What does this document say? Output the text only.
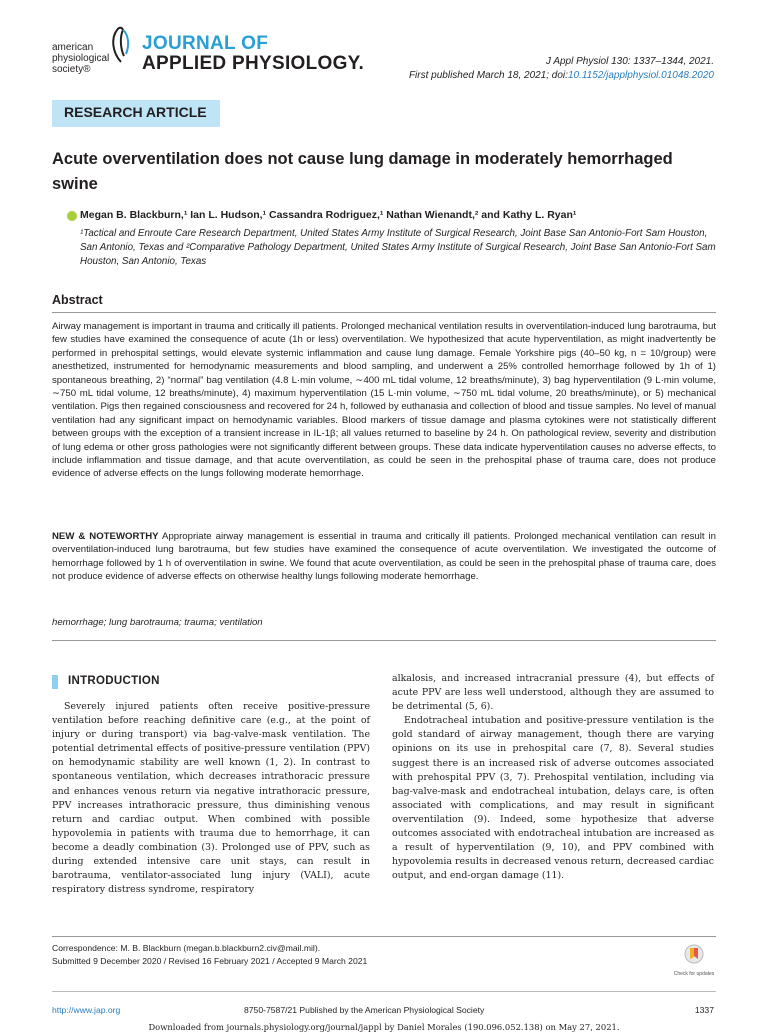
american
physiological
society®
JOURNAL OF
APPLIED PHYSIOLOGY.	J Appl Physiol 130: 1337–1344, 2021.
First published March 18, 2021; doi:10.1152/japplphysiol.01048.2020
RESEARCH ARTICLE
Acute overventilation does not cause lung damage in moderately hemorrhaged swine
Megan B. Blackburn,¹ Ian L. Hudson,¹ Cassandra Rodriguez,¹ Nathan Wienandt,² and Kathy L. Ryan¹
¹Tactical and Enroute Care Research Department, United States Army Institute of Surgical Research, Joint Base San Antonio-Fort Sam Houston, San Antonio, Texas and ²Comparative Pathology Department, United States Army Institute of Surgical Research, Joint Base San Antonio-Fort Sam Houston, San Antonio, Texas
Abstract
Airway management is important in trauma and critically ill patients. Prolonged mechanical ventilation results in overventilation-induced lung barotrauma, but few studies have examined the consequence of acute (1h or less) overventilation. We hypothesized that acute hyperventilation, as might inadvertently be performed in prehospital settings, would elevate systemic inflammation and cause lung damage. Female Yorkshire pigs (40–50 kg, n = 10/group) were anesthetized, instrumented for hemodynamic measurements and blood sampling, and underwent a 25% controlled hemorrhage followed by 1h of 1) spontaneous breathing, 2) “normal” bag ventilation (4.8 L·min volume, ∼400 mL tidal volume, 12 breaths/minute), 3) bag hyperventilation (9 L·min volume, ∼750 mL tidal volume, 12 breaths/minute), 4) maximum hyperventilation (15 L·min volume, ∼750 mL tidal volume, 20 breaths/minute), or 5) mechanical ventilation. Pigs then regained consciousness and recovered for 24 h, followed by euthanasia and collection of blood and tissue samples. No level of manual ventilation had any significant impact on hemodynamic variables. Blood markers of tissue damage and plasma cytokines were not statistically different between groups with the exception of a transient increase in IL-1β; all values returned to baseline by 24 h. On pathological review, severity and distribution of lung edema or other gross pathologies were not significantly different between groups. These data indicate hyperventilation causes no adverse effects, to include inflammation and tissue damage, and that acute overventilation, as could be seen in the prehospital phase of trauma care, does not produce evidence of adverse effects on the lungs following moderate hemorrhage.
NEW & NOTEWORTHY Appropriate airway management is essential in trauma and critically ill patients. Prolonged mechanical ventilation can result in overventilation-induced lung barotrauma, but few studies have examined the consequence of acute overventilation. We investigated the outcome of hemorrhage followed by 1 h of overventilation in swine. We found that acute overventilation, as could be seen in the prehospital phase of trauma care, does not produce evidence of adverse effects on otherwise healthy lungs following moderate hemorrhage.
hemorrhage; lung barotrauma; trauma; ventilation
INTRODUCTION

Severely injured patients often receive positive-pressure ventilation before reaching definitive care (e.g., at the point of injury or during transport) via bag-valve-mask ventilation. The potential detrimental effects of positive-pressure ventilation (PPV) on hemodynamic stability are well known (1, 2). In contrast to spontaneous ventilation, which decreases intrathoracic pressure and enhances venous return via negative intrathoracic pressure, PPV increases intrathoracic pressure, thus diminishing venous return and cardiac output. When combined with possible hypovolemia in patients with trauma due to hemorrhage, it can become a deadly combination (3). Prolonged use of PPV, such as during extended intensive care unit stays, can result in barotrauma, ventilator-associated lung injury (VALI), acute respiratory distress syndrome, respiratory

alkalosis, and increased intracranial pressure (4), but effects of acute PPV are less well understood, although they are assumed to be detrimental (5, 6).

Endotracheal intubation and positive-pressure ventilation is the gold standard of airway management, though there are varying opinions on its use in prehospital care (7, 8). Several studies suggest there is an increased risk of adverse outcomes associated with prehospital PPV (3, 7). Prehospital ventilation, including via bag-valve-mask and endotracheal intubation, delays care, is often associated with complications, and may result in significant overventilation (9). Indeed, some hypothesize that adverse outcomes associated with endotracheal intubation are increased as a result of hyperventilation (9, 10), and PPV combined with hypovolemia results in decreased venous return, decreased cardiac output, and end-organ damage (11).

Correspondence: M. B. Blackburn (megan.b.blackburn2.civ@mail.mil).
Submitted 9 December 2020 / Revised 16 February 2021 / Accepted 9 March 2021
Check for updates
http://www.jap.org	8750-7587/21 Published by the American Physiological Society	1337
Downloaded from journals.physiology.org/journal/jappl by Daniel Morales (190.096.052.138) on May 27, 2021.
